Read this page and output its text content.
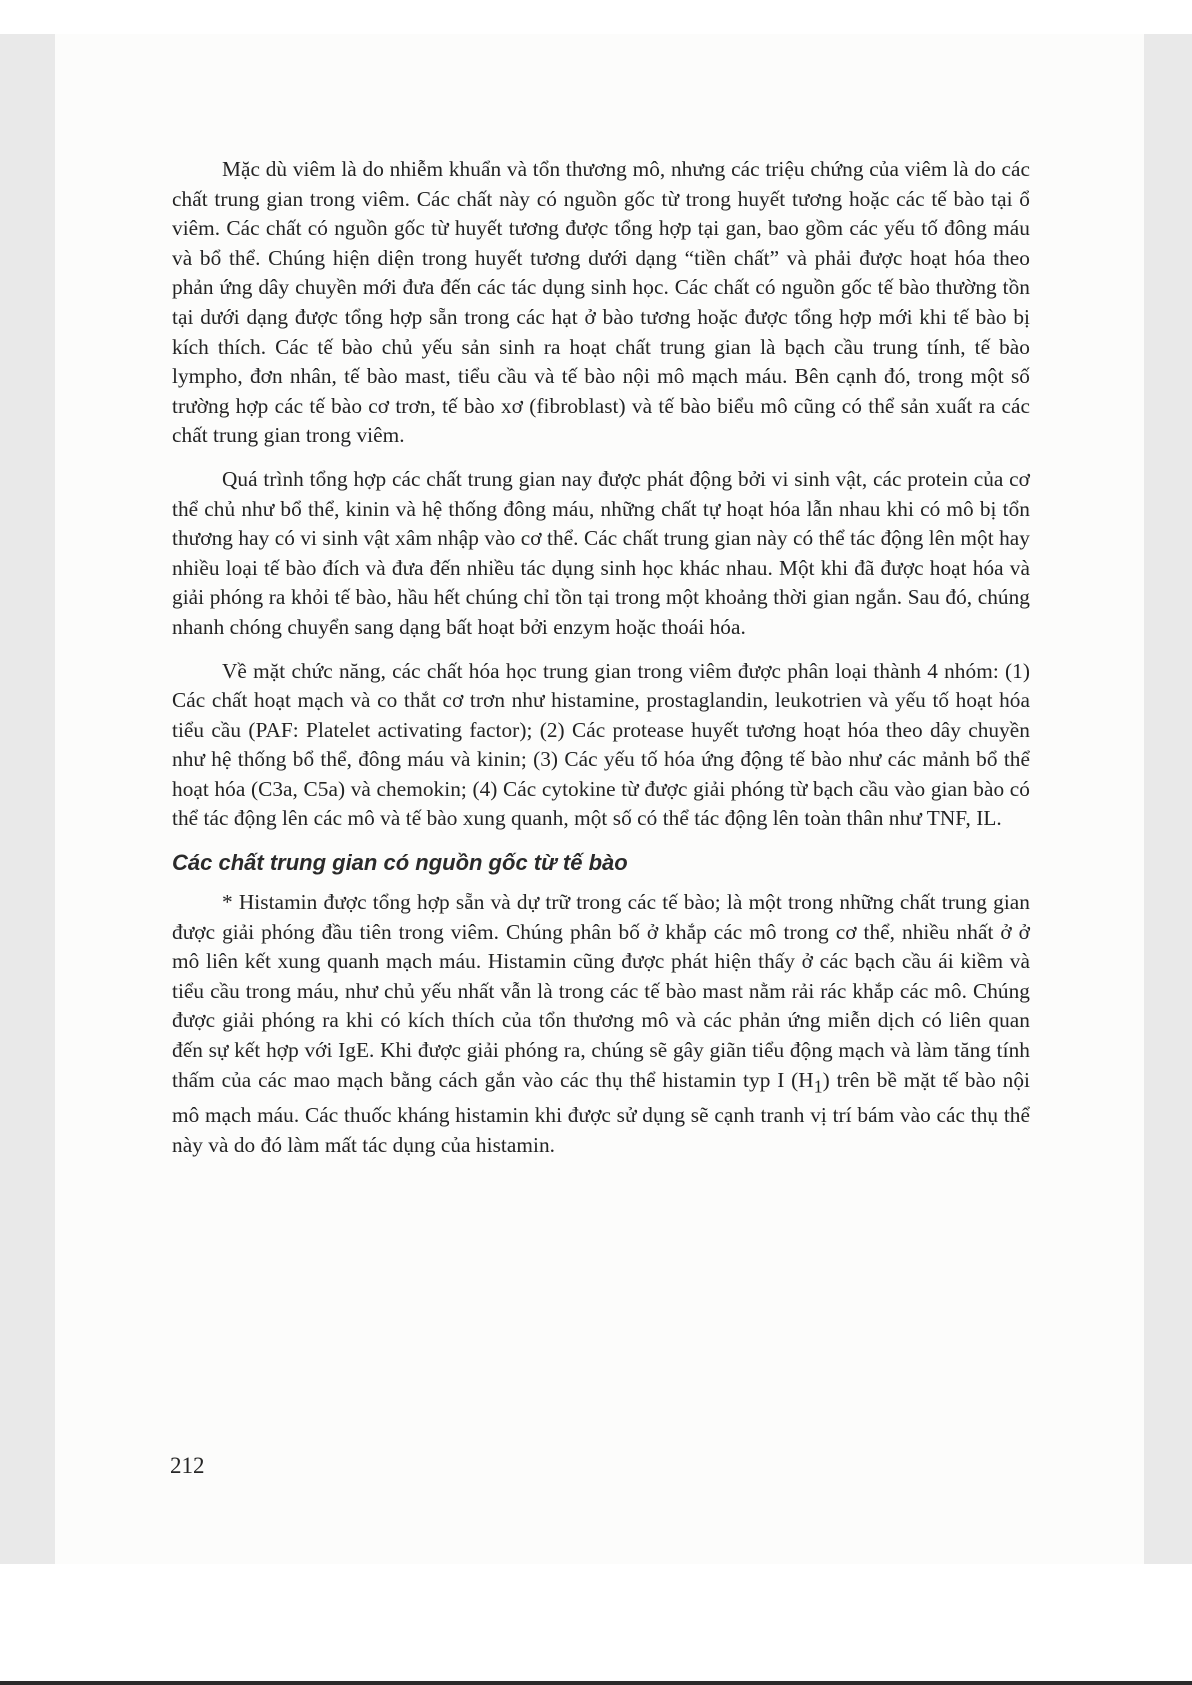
Mặc dù viêm là do nhiễm khuẩn và tổn thương mô, nhưng các triệu chứng của viêm là do các chất trung gian trong viêm. Các chất này có nguồn gốc từ trong huyết tương hoặc các tế bào tại ổ viêm. Các chất có nguồn gốc từ huyết tương được tổng hợp tại gan, bao gồm các yếu tố đông máu và bổ thể. Chúng hiện diện trong huyết tương dưới dạng “tiền chất” và phải được hoạt hóa theo phản ứng dây chuyền mới đưa đến các tác dụng sinh học. Các chất có nguồn gốc tế bào thường tồn tại dưới dạng được tổng hợp sẵn trong các hạt ở bào tương hoặc được tổng hợp mới khi tế bào bị kích thích. Các tế bào chủ yếu sản sinh ra hoạt chất trung gian là bạch cầu trung tính, tế bào lympho, đơn nhân, tế bào mast, tiểu cầu và tế bào nội mô mạch máu. Bên cạnh đó, trong một số trường hợp các tế bào cơ trơn, tế bào xơ (fibroblast) và tế bào biểu mô cũng có thể sản xuất ra các chất trung gian trong viêm.

Quá trình tổng hợp các chất trung gian nay được phát động bởi vi sinh vật, các protein của cơ thể chủ như bổ thể, kinin và hệ thống đông máu, những chất tự hoạt hóa lẫn nhau khi có mô bị tổn thương hay có vi sinh vật xâm nhập vào cơ thể. Các chất trung gian này có thể tác động lên một hay nhiều loại tế bào đích và đưa đến nhiều tác dụng sinh học khác nhau. Một khi đã được hoạt hóa và giải phóng ra khỏi tế bào, hầu hết chúng chỉ tồn tại trong một khoảng thời gian ngắn. Sau đó, chúng nhanh chóng chuyển sang dạng bất hoạt bởi enzym hoặc thoái hóa.

Về mặt chức năng, các chất hóa học trung gian trong viêm được phân loại thành 4 nhóm: (1) Các chất hoạt mạch và co thắt cơ trơn như histamine, prostaglandin, leukotrien và yếu tố hoạt hóa tiểu cầu (PAF: Platelet activating factor); (2) Các protease huyết tương hoạt hóa theo dây chuyền như hệ thống bổ thể, đông máu và kinin; (3) Các yếu tố hóa ứng động tế bào như các mảnh bổ thể hoạt hóa (C3a, C5a) và chemokin; (4) Các cytokine từ được giải phóng từ bạch cầu vào gian bào có thể tác động lên các mô và tế bào xung quanh, một số có thể tác động lên toàn thân như TNF, IL.

Các chất trung gian có nguồn gốc từ tế bào

* Histamin được tổng hợp sẵn và dự trữ trong các tế bào; là một trong những chất trung gian được giải phóng đầu tiên trong viêm. Chúng phân bố ở khắp các mô trong cơ thể, nhiều nhất ở ở mô liên kết xung quanh mạch máu. Histamin cũng được phát hiện thấy ở các bạch cầu ái kiềm và tiểu cầu trong máu, như chủ yếu nhất vẫn là trong các tế bào mast nằm rải rác khắp các mô. Chúng được giải phóng ra khi có kích thích của tổn thương mô và các phản ứng miễn dịch có liên quan đến sự kết hợp với IgE. Khi được giải phóng ra, chúng sẽ gây giãn tiểu động mạch và làm tăng tính thấm của các mao mạch bằng cách gắn vào các thụ thể histamin typ I $(H_1)$ trên bề mặt tế bào nội mô mạch máu. Các thuốc kháng histamin khi được sử dụng sẽ cạnh tranh vị trí bám vào các thụ thể này và do đó làm mất tác dụng của histamin.

212
